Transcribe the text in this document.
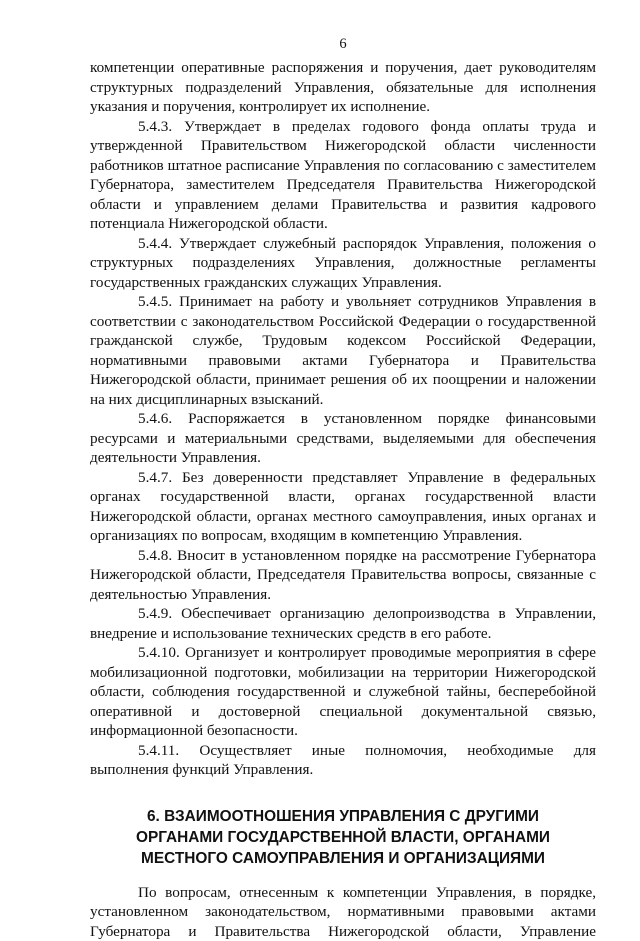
6

компетенции оперативные распоряжения и поручения, дает руководителям структурных подразделений Управления, обязательные для исполнения указания и поручения, контролирует их исполнение.

5.4.3. Утверждает в пределах годового фонда оплаты труда и утвержденной Правительством Нижегородской области численности работников штатное расписание Управления по согласованию с заместителем Губернатора, заместителем Председателя Правительства Нижегородской области и управлением делами Правительства и развития кадрового потенциала Нижегородской области.

5.4.4. Утверждает служебный распорядок Управления, положения о структурных подразделениях Управления, должностные регламенты государственных гражданских служащих Управления.

5.4.5. Принимает на работу и увольняет сотрудников Управления в соответствии с законодательством Российской Федерации о государственной гражданской службе, Трудовым кодексом Российской Федерации, нормативными правовыми актами Губернатора и Правительства Нижегородской области, принимает решения об их поощрении и наложении на них дисциплинарных взысканий.

5.4.6. Распоряжается в установленном порядке финансовыми ресурсами и материальными средствами, выделяемыми для обеспечения деятельности Управления.

5.4.7. Без доверенности представляет Управление в федеральных органах государственной власти, органах государственной власти Нижегородской области, органах местного самоуправления, иных органах и организациях по вопросам, входящим в компетенцию Управления.

5.4.8. Вносит в установленном порядке на рассмотрение Губернатора Нижегородской области, Председателя Правительства вопросы, связанные с деятельностью Управления.

5.4.9. Обеспечивает организацию делопроизводства в Управлении, внедрение и использование технических средств в его работе.

5.4.10. Организует и контролирует проводимые мероприятия в сфере мобилизационной подготовки, мобилизации на территории Нижегородской области, соблюдения государственной и служебной тайны, бесперебойной оперативной и достоверной специальной документальной связью, информационной безопасности.

5.4.11. Осуществляет иные полномочия, необходимые для выполнения функций Управления.

6. ВЗАИМООТНОШЕНИЯ УПРАВЛЕНИЯ С ДРУГИМИ
ОРГАНАМИ ГОСУДАРСТВЕННОЙ ВЛАСТИ, ОРГАНАМИ
МЕСТНОГО САМОУПРАВЛЕНИЯ И ОРГАНИЗАЦИЯМИ

По вопросам, отнесенным к компетенции Управления, в порядке, установленном законодательством, нормативными правовыми актами Губернатора и Правительства Нижегородской области, Управление
